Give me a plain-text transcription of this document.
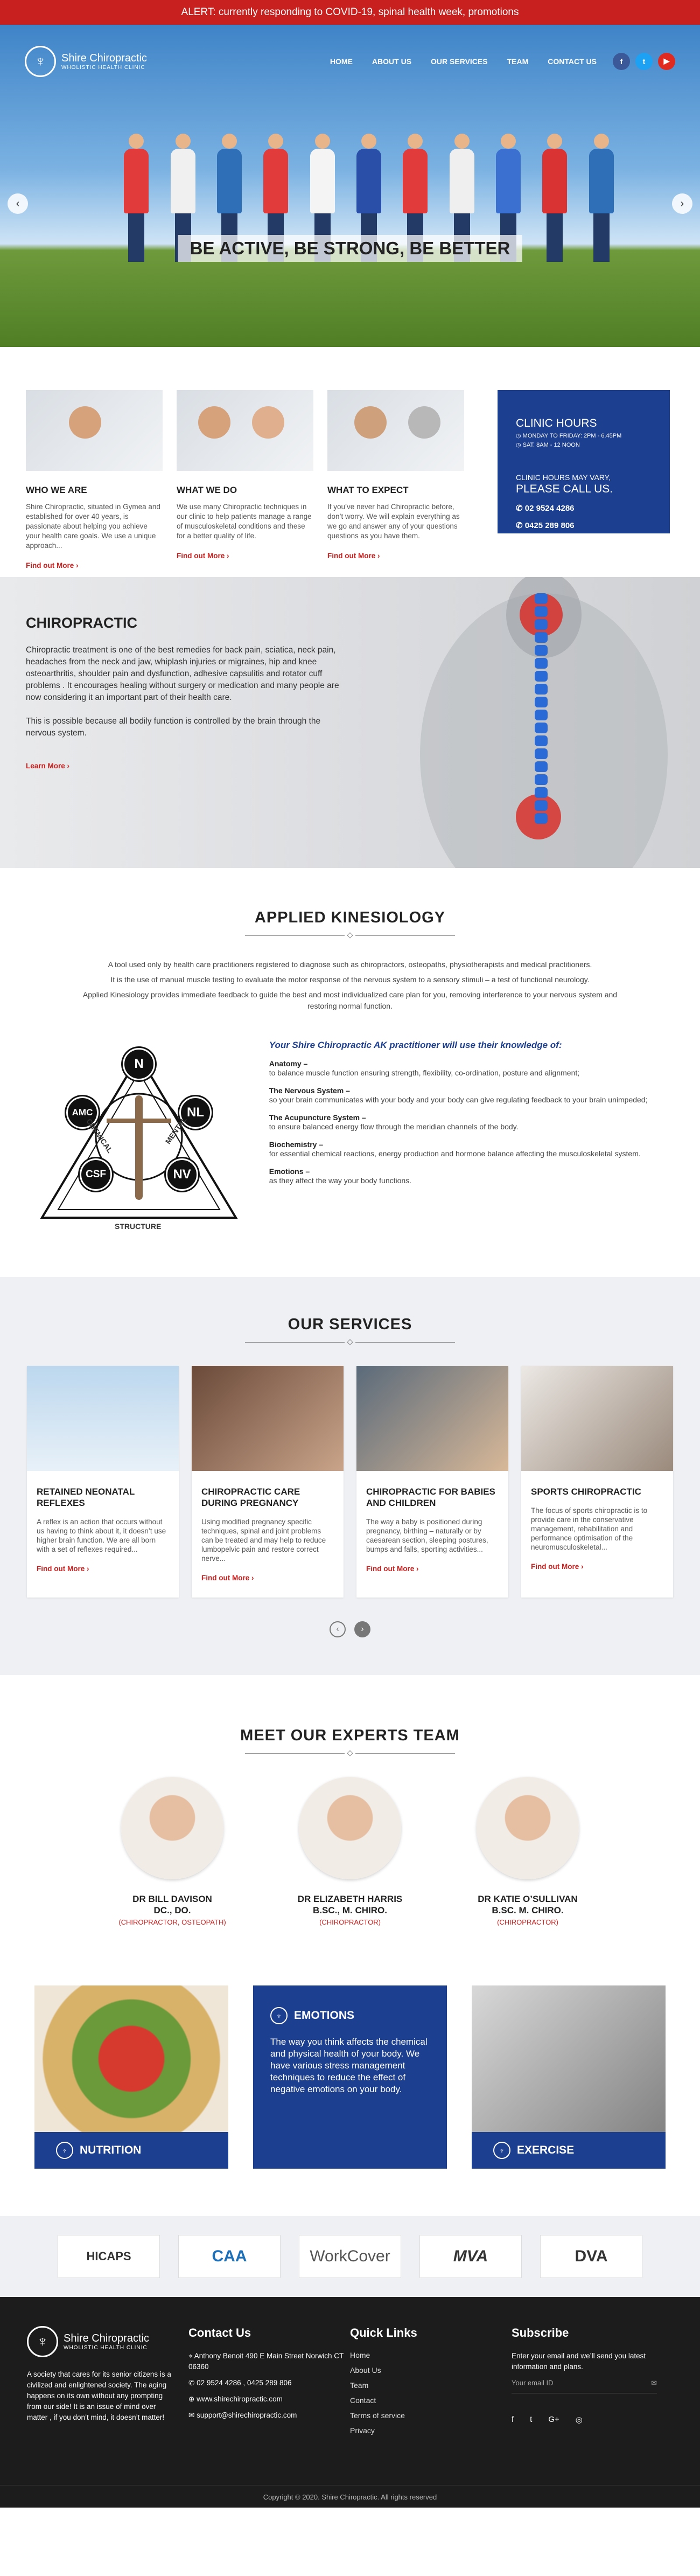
ALERT: currently responding to COVID-19, spinal health week, promotions
♆	Shire Chiropractic
WHOLISTIC HEALTH CLINIC
HOME	ABOUT US	OUR SERVICES	TEAM	CONTACT US	f	t	▶
BE ACTIVE, BE STRONG, BE BETTER
‹	›
WHO WE ARE

Shire Chiropractic, situated in Gymea and established for over 40 years, is passionate about helping you achieve your health care goals. We use a unique approach...

Find out More ›
WHAT WE DO

We use many Chiropractic techniques in our clinic to help patients manage a range of musculoskeletal conditions and these for a better quality of life.

Find out More ›
WHAT TO EXPECT

If you’ve never had Chiropractic before, don’t worry. We will explain everything as we go and answer any of your questions questions as you have them.

Find out More ›
CLINIC HOURS
◷ MONDAY TO FRIDAY: 2PM - 6.45PM
◷ SAT. 8AM - 12 NOON
CLINIC HOURS MAY VARY,
PLEASE CALL US.
✆ 02 9524 4286
✆ 0425 289 806
CHIROPRACTIC

Chiropractic treatment is one of the best remedies for back pain, sciatica, neck pain, headaches from the neck and jaw, whiplash injuries or migraines, hip and knee osteoarthritis, shoulder pain and dysfunction, adhesive capsulitis and rotator cuff problems . It encourages healing without surgery or medication and many people are now considering it an important part of their health care.

This is possible because all bodily function is controlled by the brain through the nervous system.

Learn More ›
APPLIED KINESIOLOGY

A tool used only by health care practitioners registered to diagnose such as chiropractors, osteopaths, physiotherapists and medical practitioners.

It is the use of manual muscle testing to evaluate the motor response of the nervous system to a sensory stimuli – a test of functional neurology.

Applied Kinesiology provides immediate feedback to guide the best and most individualized care plan for you, removing interference to your nervous system and restoring normal function.

N
AMC	NL
CSF	NV
CHEMICAL	MENTAL
STRUCTURE
Your Shire Chiropractic AK practitioner will use their knowledge of:
Anatomy –
to balance muscle function ensuring strength, flexibility, co-ordination, posture and alignment;
The Nervous System –
so your brain communicates with your body and your body can give regulating feedback to your brain unimpeded;
The Acupuncture System –
to ensure balanced energy flow through the meridian channels of the body.
Biochemistry –
for essential chemical reactions, energy production and hormone balance affecting the musculoskeletal system.
Emotions –
as they affect the way your body functions.
OUR SERVICES
RETAINED NEONATAL REFLEXES

A reflex is an action that occurs without us having to think about it, it doesn’t use higher brain function. We are all born with a set of reflexes required...

Find out More ›
CHIROPRACTIC CARE DURING PREGNANCY

Using modified pregnancy specific techniques, spinal and joint problems can be treated and may help to reduce lumbopelvic pain and restore correct nerve...

Find out More ›
CHIROPRACTIC FOR BABIES AND CHILDREN

The way a baby is positioned during pregnancy, birthing – naturally or by caesarean section, sleeping postures, bumps and falls, sporting activities...

Find out More ›
SPORTS CHIROPRACTIC

The focus of sports chiropractic is to provide care in the conservative management, rehabilitation and performance optimisation of the neuromusculoskeletal...

Find out More ›
‹	›
MEET OUR EXPERTS TEAM
DR BILL DAVISON
DC., DO.
(CHIROPRACTOR, OSTEOPATH)
DR ELIZABETH HARRIS
B.SC., M. CHIRO.
(CHIROPRACTOR)
DR KATIE O’SULLIVAN
B.SC. M. CHIRO.
(CHIROPRACTOR)
♆	NUTRITION
♆	EMOTIONS

The way you think affects the chemical and physical health of your body. We have various stress management techniques to reduce the effect of negative emotions on your body.

♆	EXERCISE
HICAPS	CAA	WorkCover	MVA	DVA
♆	Shire Chiropractic
WHOLISTIC HEALTH CLINIC

A society that cares for its senior citizens is a civilized and enlightened society. The aging happens on its own without any prompting from our side! It is an issue of mind over matter , if you don’t mind, it doesn’t matter!

Contact Us

⌖ Anthony Benoit 490 E Main Street Norwich CT 06360

✆ 02 9524 4286 , 0425 289 806

⊕ www.shirechiropractic.com

✉ support@shirechiropractic.com

Quick Links
Home
About Us
Team
Contact
Terms of service
Privacy
Subscribe

Enter your email and we’ll send you latest information and plans.

Your email ID	✉
f t G+ ◎
Copyright © 2020. Shire Chiropractic. All rights reserved
